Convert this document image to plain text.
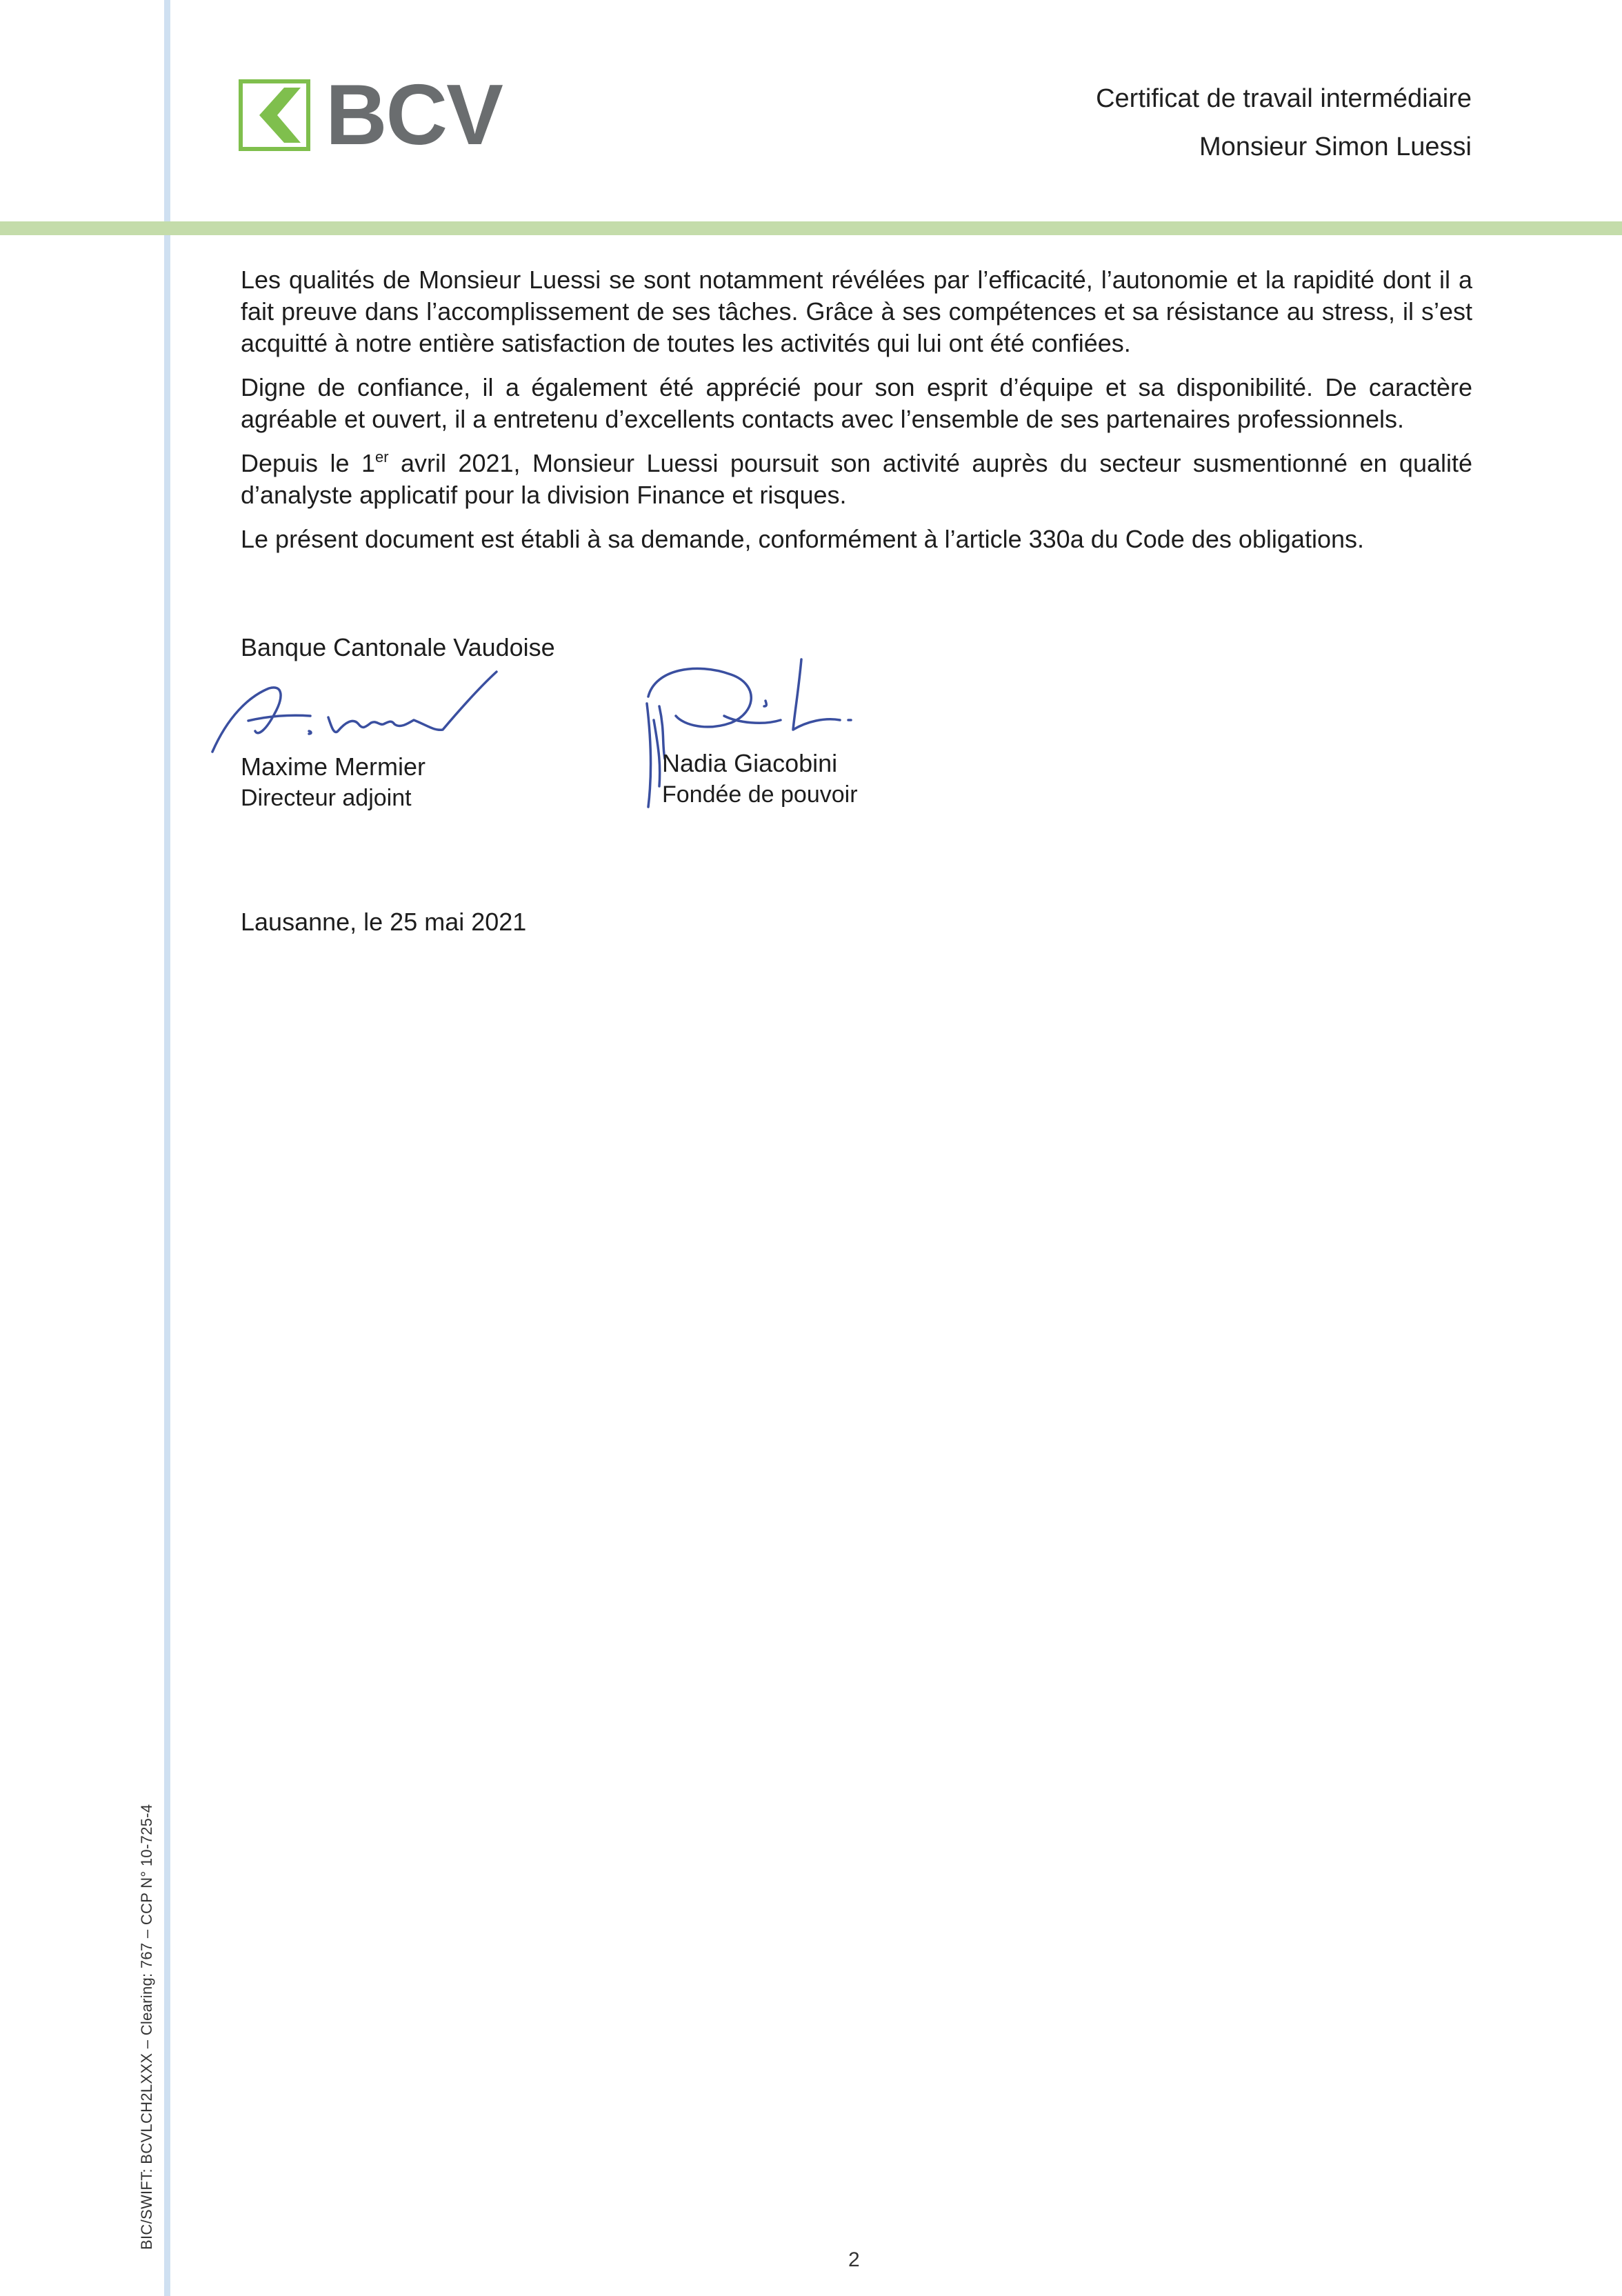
BCV	Certificat de travail intermédiaire
Monsieur Simon Luessi

Les qualités de Monsieur Luessi se sont notamment révélées par l’efficacité, l’autonomie et la rapidité dont il a fait preuve dans l’accomplissement de ses tâches. Grâce à ses compétences et sa résistance au stress, il s’est acquitté à notre entière satisfaction de toutes les activités qui lui ont été confiées.

Digne de confiance, il a également été apprécié pour son esprit d’équipe et sa disponibilité. De caractère agréable et ouvert, il a entretenu d’excellents contacts avec l’ensemble de ses partenaires professionnels.

Depuis le 1er avril 2021, Monsieur Luessi poursuit son activité auprès du secteur susmentionné en qualité d’analyste applicatif pour la division Finance et risques.

Le présent document est établi à sa demande, conformément à l’article 330a du Code des obligations.

Banque Cantonale Vaudoise
Maxime Mermier
Directeur adjoint
Nadia Giacobini
Fondée de pouvoir
Lausanne, le 25 mai 2021
BIC/SWIFT: BCVLCH2LXXX – Clearing: 767 – CCP N° 10-725-4
2
